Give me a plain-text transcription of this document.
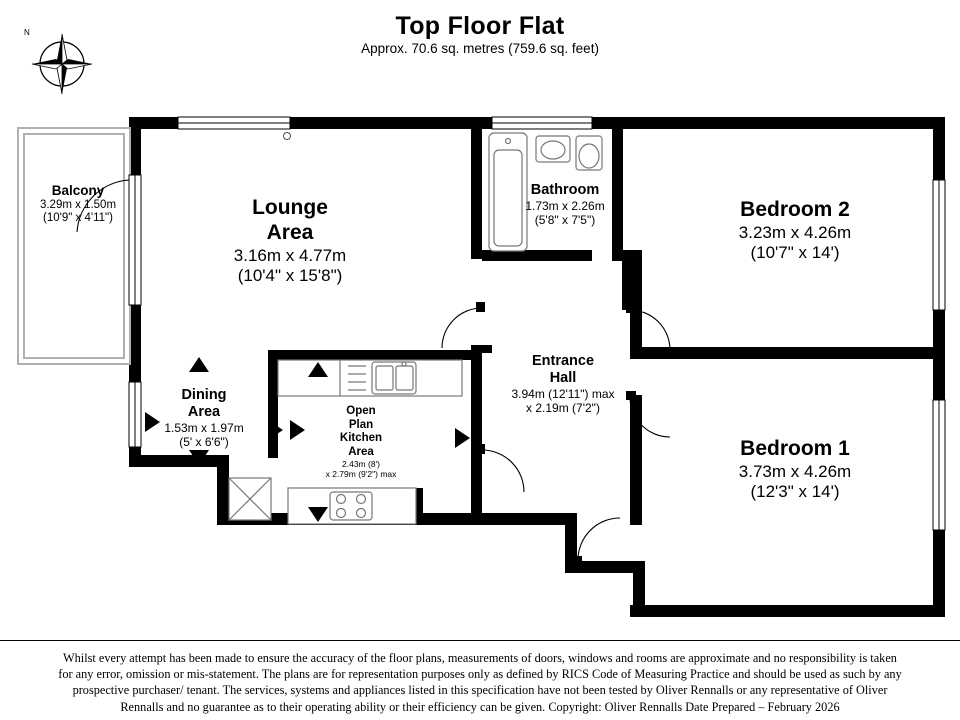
Top Floor Flat
Approx. 70.6 sq. metres (759.6 sq. feet)
N
Lounge
Area
3.16m x 4.77m
(10'4" x 15'8")
Balcony
3.29m x 1.50m
(10'9" x 4'11")
Bathroom
1.73m x 2.26m
(5'8" x 7'5")	Bedroom 2
3.23m x 4.26m
(10'7" x 14')
Bedroom 1
3.73m x 4.26m
(12'3" x 14')
Entrance
Hall
3.94m (12'11") max
x 2.19m (7'2")
Dining
Area
1.53m x 1.97m
(5' x 6'6")
Open
Plan
Kitchen
Area
2.43m (8')
x 2.79m (9'2") max
Whilst every attempt has been made to ensure the accuracy of the floor plans, measurements of doors, windows and rooms are approximate and no responsibility is taken
for any error, omission or mis-statement. The plans are for representation purposes only as defined by RICS Code of Measuring Practice and should be used as such by any
prospective purchaser/ tenant. The services, systems and appliances listed in this specification have not been tested by Oliver Rennalls or any representative of Oliver
Rennalls and no guarantee as to their operating ability or their efficiency can be given. Copyright: Oliver Rennalls Date Prepared – February 2026
